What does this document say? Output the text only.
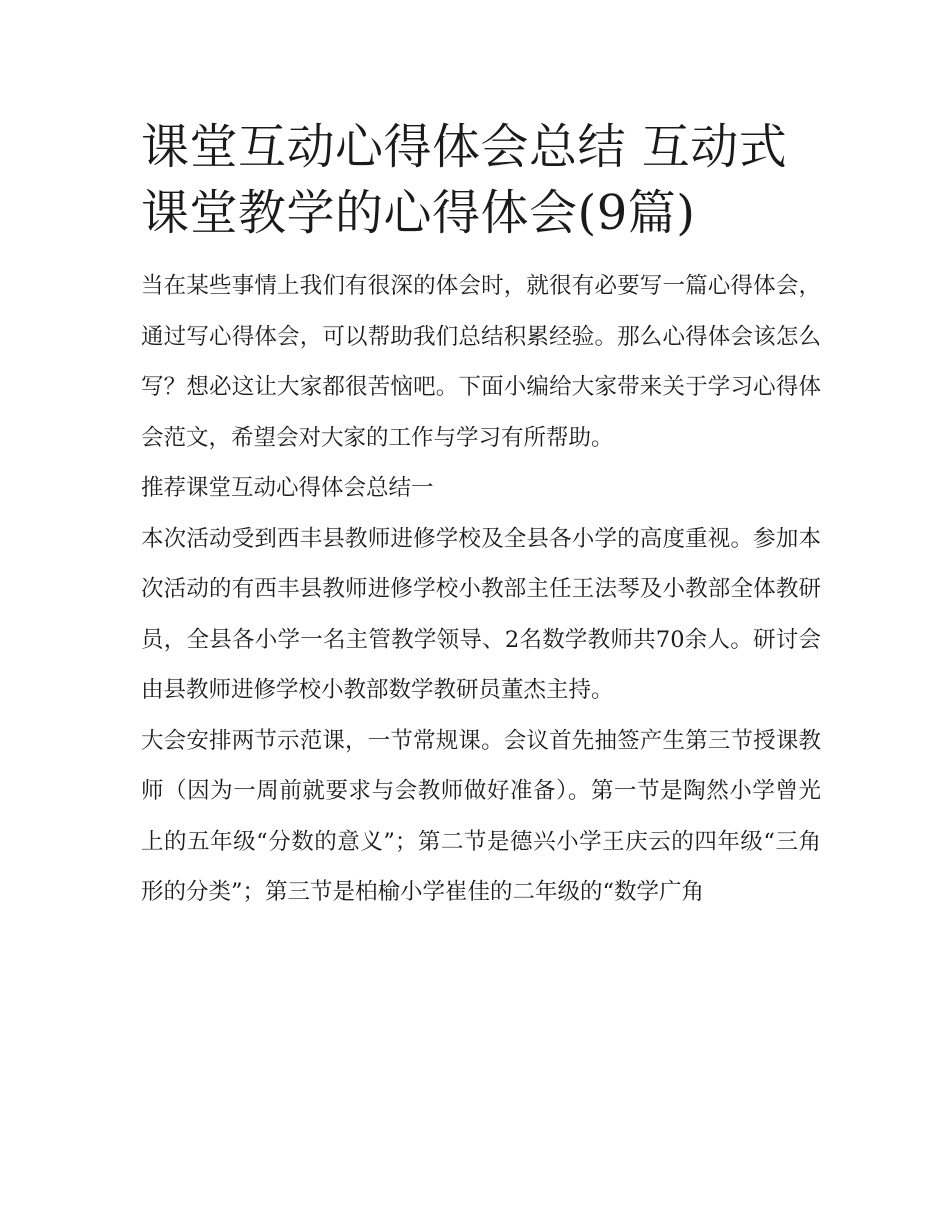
课堂互动心得体会总结 互动式课堂教学的心得体会(9篇)

当在某些事情上我们有很深的体会时，就很有必要写一篇心得体会，通过写心得体会，可以帮助我们总结积累经验。那么心得体会该怎么写？想必这让大家都很苦恼吧。下面小编给大家带来关于学习心得体会范文，希望会对大家的工作与学习有所帮助。

推荐课堂互动心得体会总结一

本次活动受到西丰县教师进修学校及全县各小学的高度重视。参加本次活动的有西丰县教师进修学校小教部主任王法琴及小教部全体教研员，全县各小学一名主管教学领导、2名数学教师共70余人。研讨会由县教师进修学校小教部数学教研员董杰主持。

大会安排两节示范课，一节常规课。会议首先抽签产生第三节授课教师（因为一周前就要求与会教师做好准备）。第一节是陶然小学曾光上的五年级“分数的意义”；第二节是德兴小学王庆云的四年级“三角形的分类”；第三节是柏榆小学崔佳的二年级的“数学广角
